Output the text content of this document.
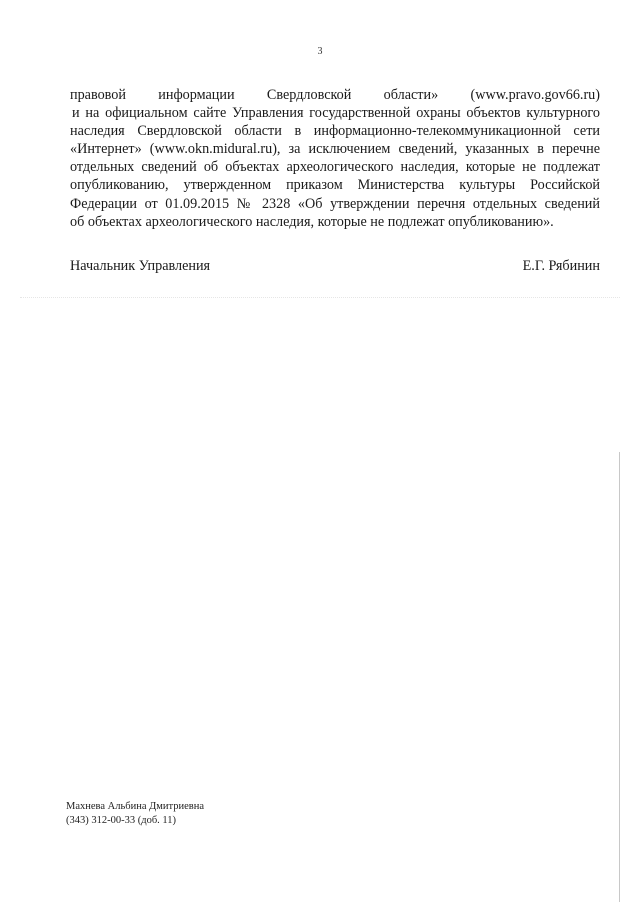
3
правовой информации Свердловской области» (www.pravo.gov66.ru)
и на официальном сайте Управления государственной охраны объектов культурного
наследия Свердловской области в информационно-телекоммуникационной сети
«Интернет» (www.okn.midural.ru), за исключением сведений, указанных в перечне
отдельных сведений об объектах археологического наследия, которые не подлежат
опубликованию, утвержденном приказом Министерства культуры Российской
Федерации от 01.09.2015 № 2328 «Об утверждении перечня отдельных сведений
об объектах археологического наследия, которые не подлежат опубликованию».
Начальник Управления	Е.Г. Рябинин
Махнева Альбина Дмитриевна
(343) 312-00-33 (доб. 11)
